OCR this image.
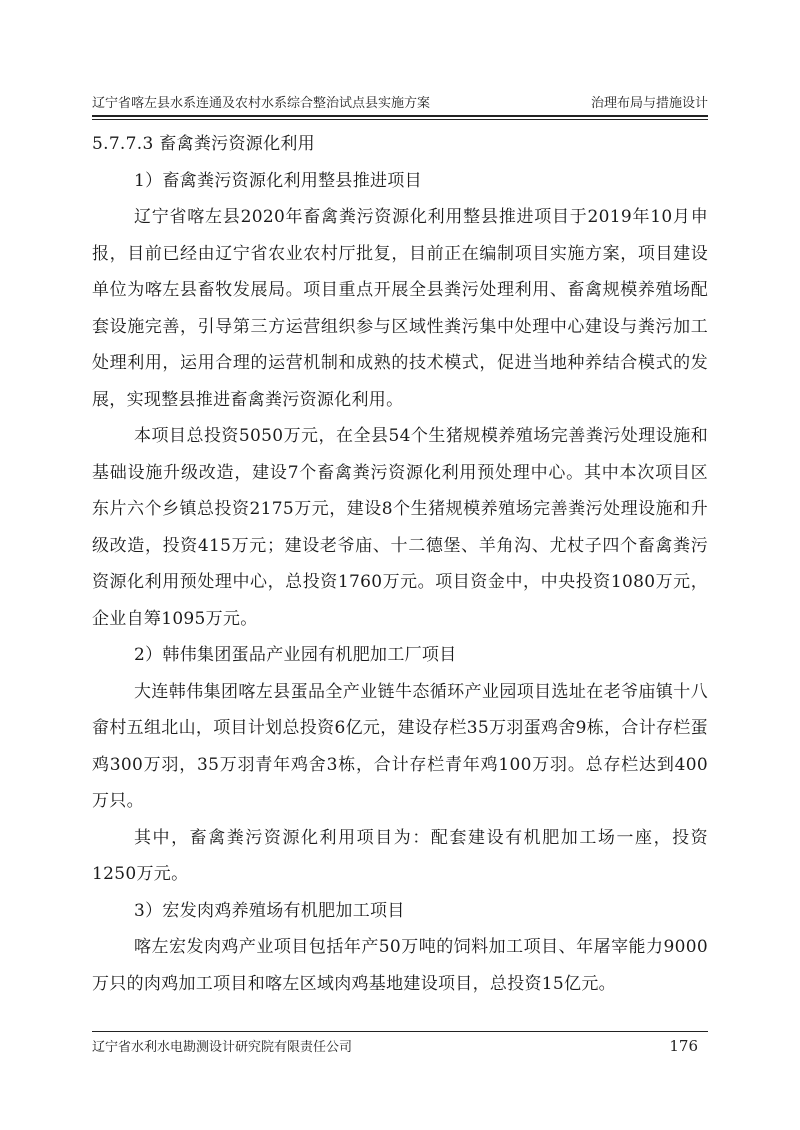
辽宁省喀左县水系连通及农村水系综合整治试点县实施方案	治理布局与措施设计

5.7.7.3 畜禽粪污资源化利用

1）畜禽粪污资源化利用整县推进项目

辽宁省喀左县2020年畜禽粪污资源化利用整县推进项目于2019年10月申报，目前已经由辽宁省农业农村厅批复，目前正在编制项目实施方案，项目建设单位为喀左县畜牧发展局。项目重点开展全县粪污处理利用、畜禽规模养殖场配套设施完善，引导第三方运营组织参与区域性粪污集中处理中心建设与粪污加工处理利用，运用合理的运营机制和成熟的技术模式，促进当地种养结合模式的发展，实现整县推进畜禽粪污资源化利用。

本项目总投资5050万元，在全县54个生猪规模养殖场完善粪污处理设施和基础设施升级改造，建设7个畜禽粪污资源化利用预处理中心。其中本次项目区东片六个乡镇总投资2175万元，建设8个生猪规模养殖场完善粪污处理设施和升级改造，投资415万元；建设老爷庙、十二德堡、羊角沟、尤杖子四个畜禽粪污资源化利用预处理中心，总投资1760万元。项目资金中，中央投资1080万元，企业自筹1095万元。

2）韩伟集团蛋品产业园有机肥加工厂项目

大连韩伟集团喀左县蛋品全产业链牛态循环产业园项目选址在老爷庙镇十八畲村五组北山，项目计划总投资6亿元，建设存栏35万羽蛋鸡舍9栋，合计存栏蛋鸡300万羽，35万羽青年鸡舍3栋，合计存栏青年鸡100万羽。总存栏达到400万只。

其中，畜禽粪污资源化利用项目为：配套建设有机肥加工场一座，投资1250万元。

3）宏发肉鸡养殖场有机肥加工项目

喀左宏发肉鸡产业项目包括年产50万吨的饲料加工项目、年屠宰能力9000万只的肉鸡加工项目和喀左区域肉鸡基地建设项目，总投资15亿元。

辽宁省水利水电勘测设计研究院有限责任公司	176
